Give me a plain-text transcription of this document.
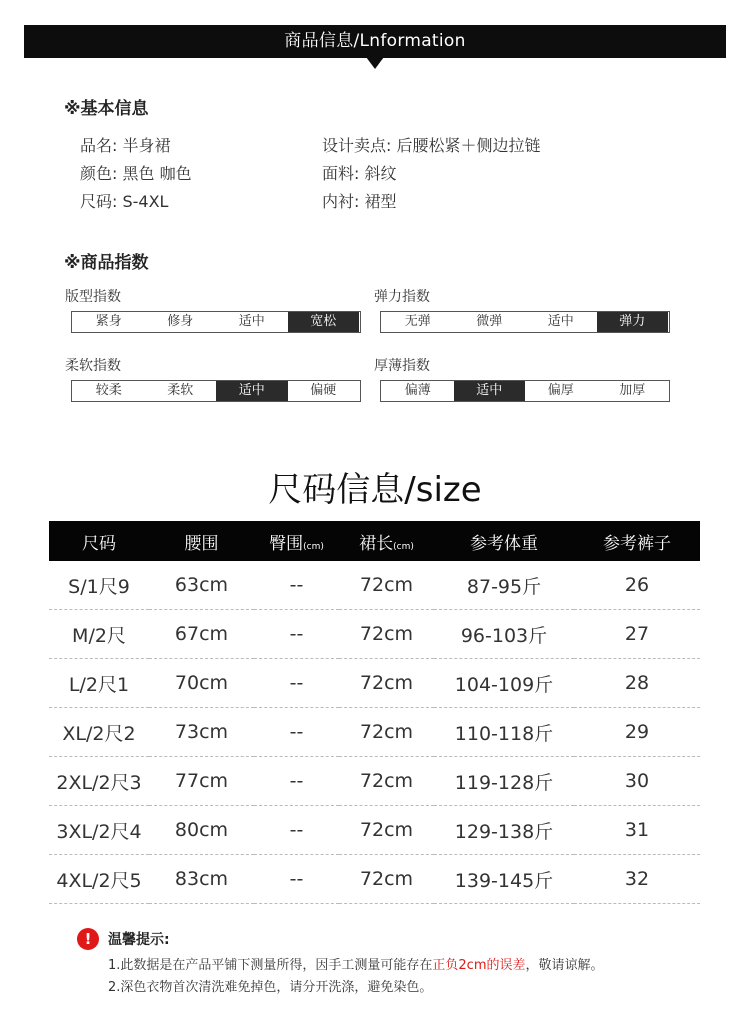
商品信息/Lnformation
※基本信息
品名: 半身裙
颜色: 黑色 咖色
尺码: S-4XL
设计卖点: 后腰松紧＋侧边拉链
面料: 斜纹
内衬: 裙型
※商品指数
版型指数
紧身	修身	适中	宽松
弹力指数
无弹	微弹	适中	弹力
柔软指数
较柔	柔软	适中	偏硬
厚薄指数
偏薄	适中	偏厚	加厚
尺码信息/size
尺码	腰围	臀围(cm)	裙长(cm)	参考体重	参考裤子
S/1尺9	63cm	--	72cm	87-95斤	26
M/2尺	67cm	--	72cm	96-103斤	27
L/2尺1	70cm	--	72cm	104-109斤	28
XL/2尺2	73cm	--	72cm	110-118斤	29
2XL/2尺3	77cm	--	72cm	119-128斤	30
3XL/2尺4	80cm	--	72cm	129-138斤	31
4XL/2尺5	83cm	--	72cm	139-145斤	32
!	温馨提示:
1.此数据是在产品平铺下测量所得，因手工测量可能存在正负2cm的误差，敬请谅解。
2.深色衣物首次清洗难免掉色，请分开洗涤，避免染色。
